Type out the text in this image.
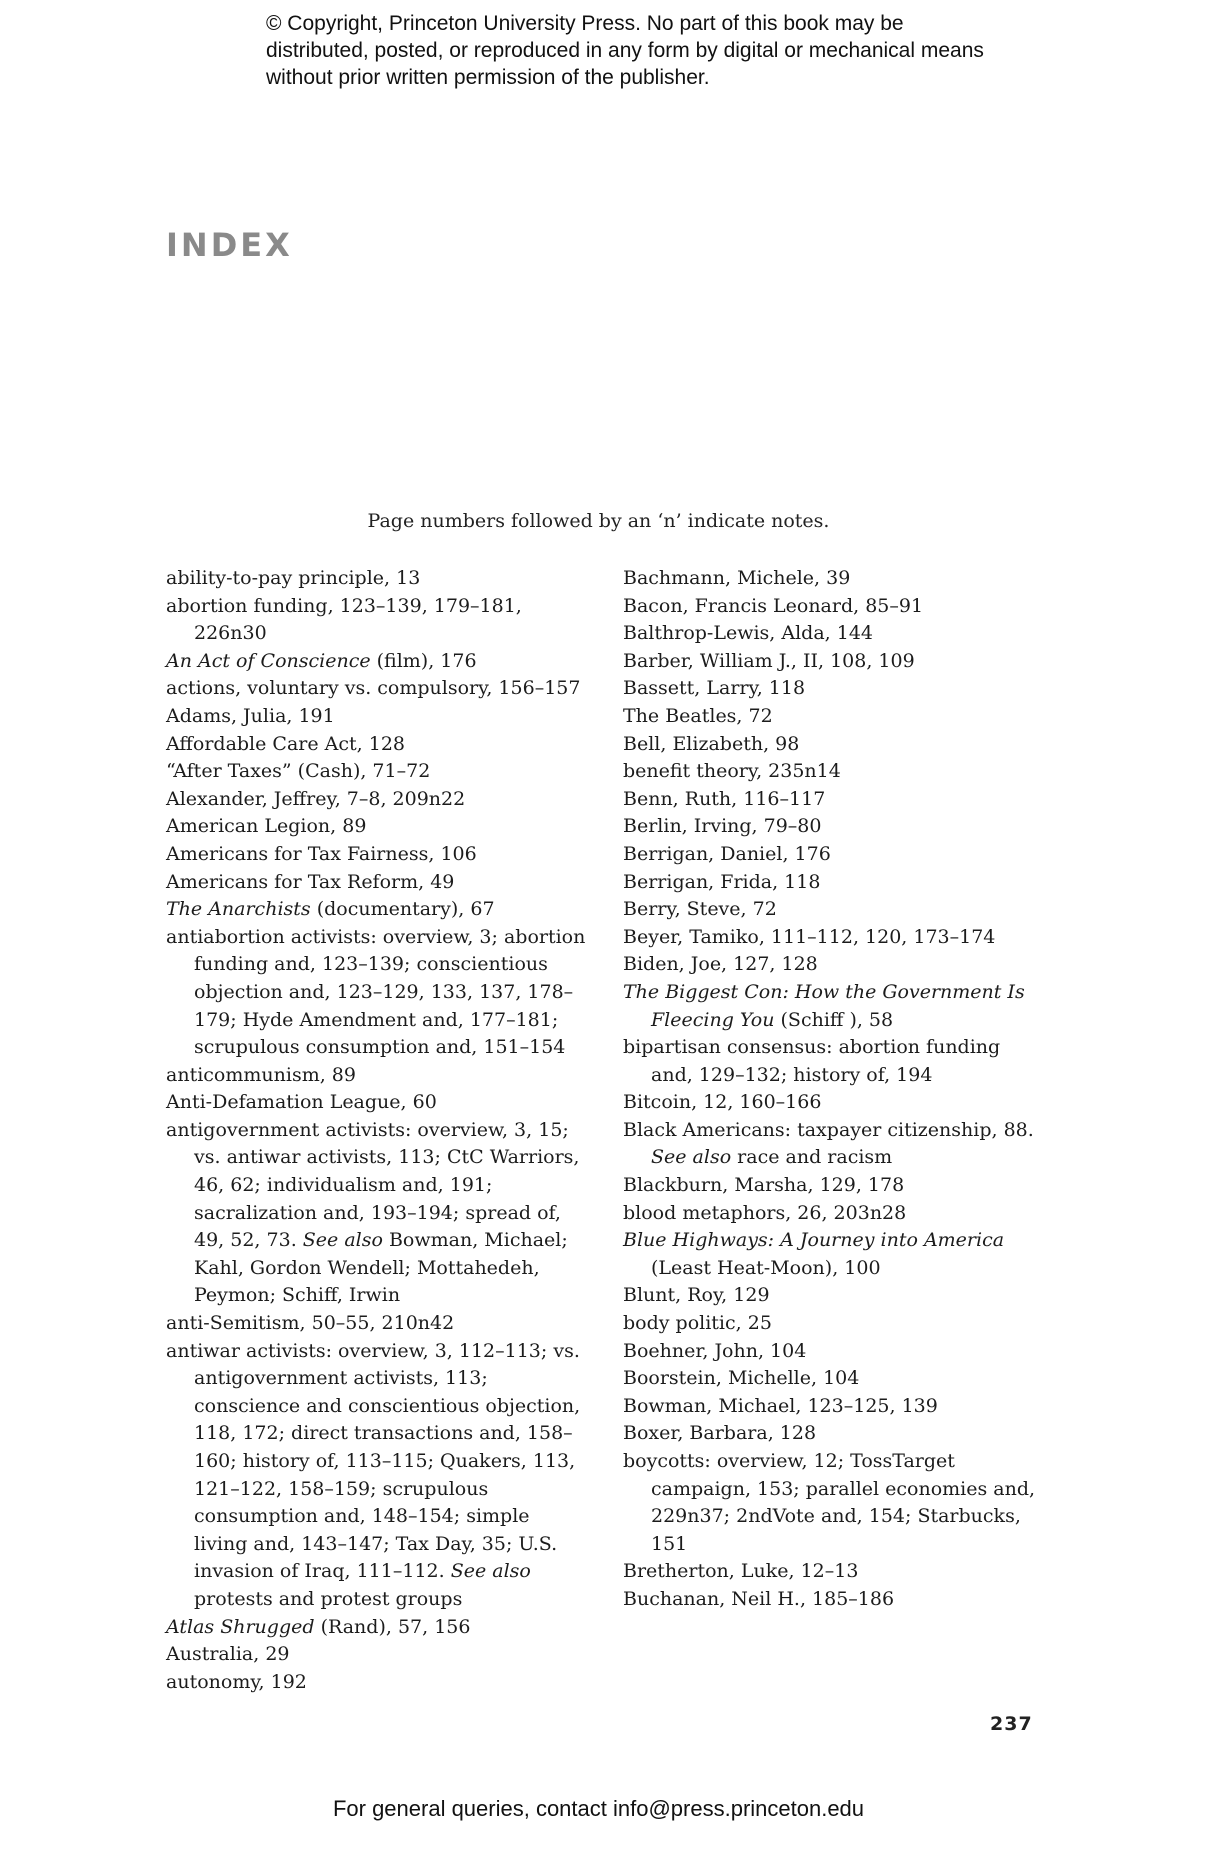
© Copyright, Princeton University Press. No part of this book may be distributed, posted, or reproduced in any form by digital or mechanical means without prior written permission of the publisher.

INDEX

Page numbers followed by an ‘n’ indicate notes.

ability-to-pay principle, 13
abortion funding, 123–139, 179–181, 226n30
An Act of Conscience (film), 176
actions, voluntary vs. compulsory, 156–157
Adams, Julia, 191
Affordable Care Act, 128
“After Taxes” (Cash), 71–72
Alexander, Jeffrey, 7–8, 209n22
American Legion, 89
Americans for Tax Fairness, 106
Americans for Tax Reform, 49
The Anarchists (documentary), 67
antiabortion activists: overview, 3; abortion funding and, 123–139; conscientious objection and, 123–129, 133, 137, 178–179; Hyde Amendment and, 177–181; scrupulous consumption and, 151–154
anticommunism, 89
Anti-Defamation League, 60
antigovernment activists: overview, 3, 15; vs. antiwar activists, 113; CtC Warriors, 46, 62; individualism and, 191; sacralization and, 193–194; spread of, 49, 52, 73. See also Bowman, Michael; Kahl, Gordon Wendell; Mottahedeh, Peymon; Schiff, Irwin
anti-Semitism, 50–55, 210n42
antiwar activists: overview, 3, 112–113; vs. antigovernment activists, 113; conscience and conscientious objection, 118, 172; direct transactions and, 158–160; history of, 113–115; Quakers, 113, 121–122, 158–159; scrupulous consumption and, 148–154; simple living and, 143–147; Tax Day, 35; U.S. invasion of Iraq, 111–112. See also protests and protest groups
Atlas Shrugged (Rand), 57, 156
Australia, 29
autonomy, 192
Bachmann, Michele, 39
Bacon, Francis Leonard, 85–91
Balthrop-Lewis, Alda, 144
Barber, William J., II, 108, 109
Bassett, Larry, 118
The Beatles, 72
Bell, Elizabeth, 98
benefit theory, 235n14
Benn, Ruth, 116–117
Berlin, Irving, 79–80
Berrigan, Daniel, 176
Berrigan, Frida, 118
Berry, Steve, 72
Beyer, Tamiko, 111–112, 120, 173–174
Biden, Joe, 127, 128
The Biggest Con: How the Government Is Fleecing You (Schiff ), 58
bipartisan consensus: abortion funding and, 129–132; history of, 194
Bitcoin, 12, 160–166
Black Americans: taxpayer citizenship, 88. See also race and racism
Blackburn, Marsha, 129, 178
blood metaphors, 26, 203n28
Blue Highways: A Journey into America (Least Heat-Moon), 100
Blunt, Roy, 129
body politic, 25
Boehner, John, 104
Boorstein, Michelle, 104
Bowman, Michael, 123–125, 139
Boxer, Barbara, 128
boycotts: overview, 12; TossTarget campaign, 153; parallel economies and, 229n37; 2ndVote and, 154; Starbucks, 151
Bretherton, Luke, 12–13
Buchanan, Neil H., 185–186

237

For general queries, contact info@press.princeton.edu
